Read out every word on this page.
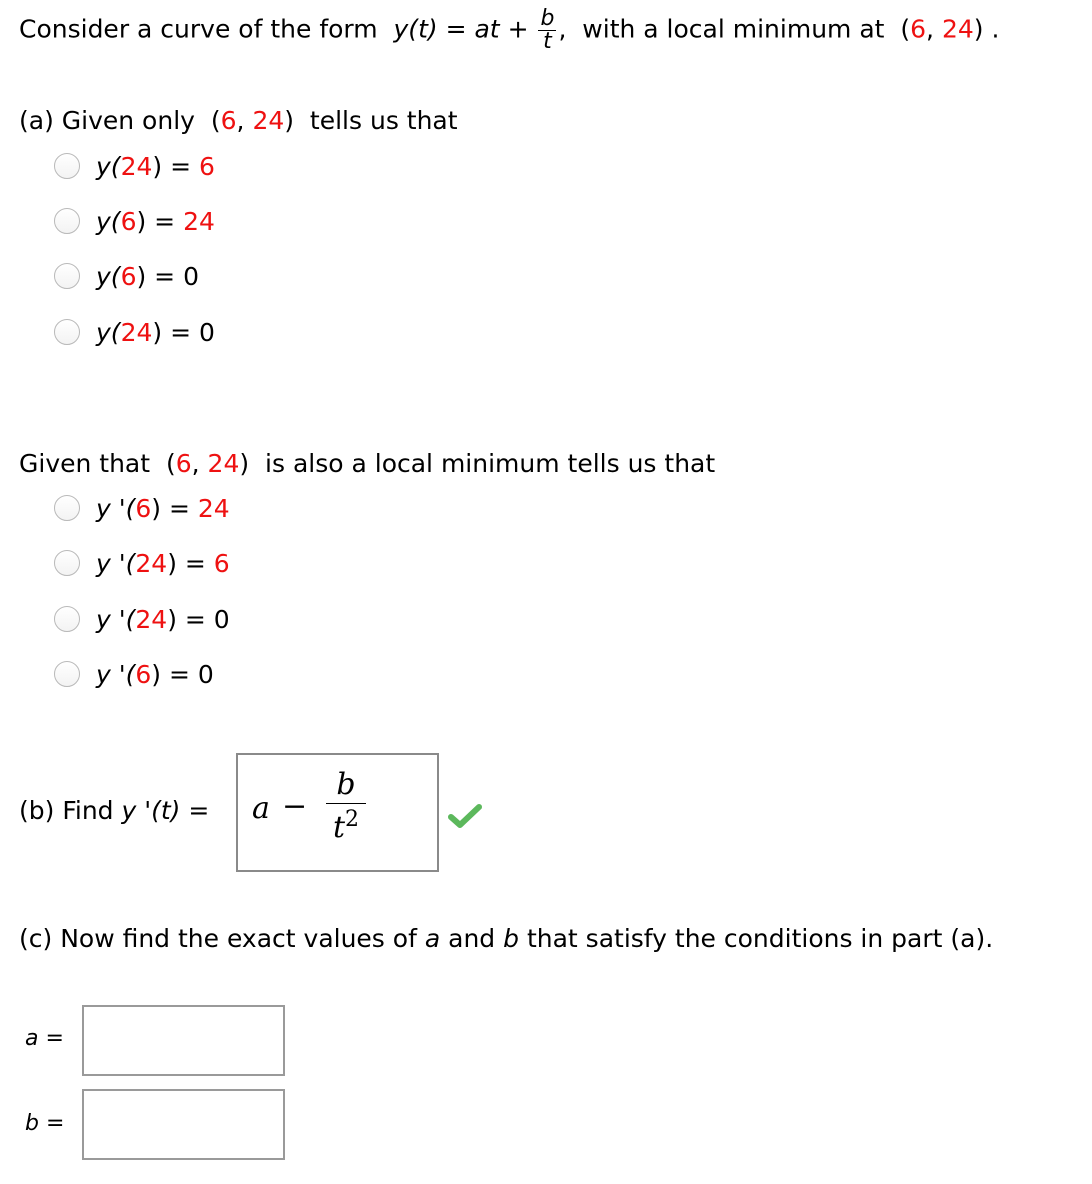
Consider a curve of the form y(t) = at + $\frac{b}{t}$ , with a local minimum at (6, 24) .
(a) Given only (6, 24) tells us that
y(24) = 6
y(6) = 24
y(6) = 0
y(24) = 0
Given that (6, 24) is also a local minimum tells us that
y '(6) = 24
y '(24) = 6
y '(24) = 0
y '(6) = 0
(b) Find y '(t) = a −
b
$t^2$
(c) Now find the exact values of a and b that satisfy the conditions in part (a).
a =
b =
